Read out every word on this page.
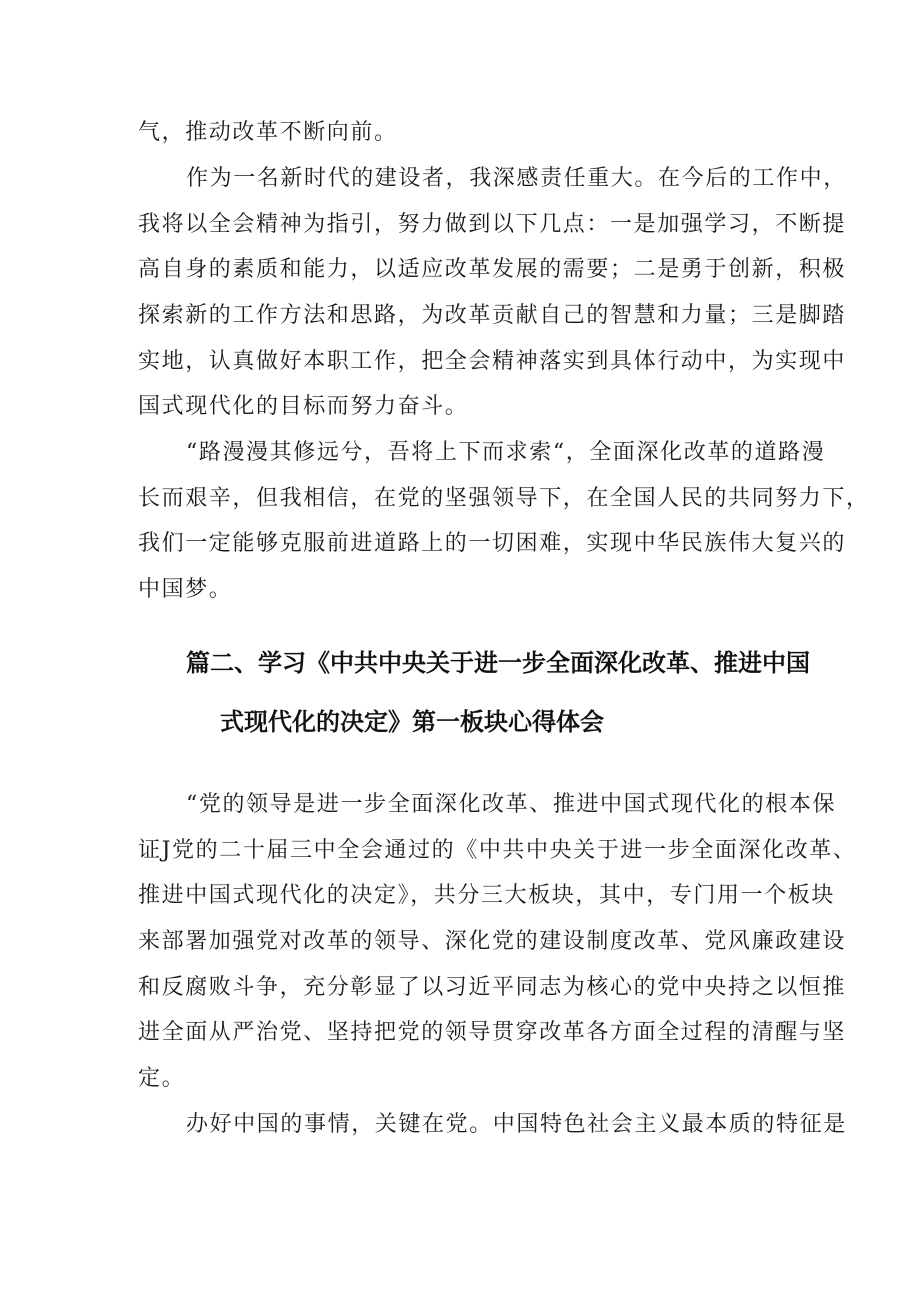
气，推动改革不断向前。
作为一名新时代的建设者，我深感责任重大。在今后的工作中，
我将以全会精神为指引，努力做到以下几点：一是加强学习，不断提
高自身的素质和能力，以适应改革发展的需要；二是勇于创新，积极
探索新的工作方法和思路，为改革贡献自己的智慧和力量；三是脚踏
实地，认真做好本职工作，把全会精神落实到具体行动中，为实现中
国式现代化的目标而努力奋斗。
“路漫漫其修远兮，吾将上下而求索“，全面深化改革的道路漫
长而艰辛，但我相信，在党的坚强领导下，在全国人民的共同努力下，
我们一定能够克服前进道路上的一切困难，实现中华民族伟大复兴的
中国梦。
篇二、学习《中共中央关于进一步全面深化改革、推进中国
式现代化的决定》第一板块心得体会
“党的领导是进一步全面深化改革、推进中国式现代化的根本保
证J党的二十届三中全会通过的《中共中央关于进一步全面深化改革、
推进中国式现代化的决定》，共分三大板块，其中，专门用一个板块
来部署加强党对改革的领导、深化党的建设制度改革、党风廉政建设
和反腐败斗争，充分彰显了以习近平同志为核心的党中央持之以恒推
进全面从严治党、坚持把党的领导贯穿改革各方面全过程的清醒与坚
定。
办好中国的事情，关键在党。中国特色社会主义最本质的特征是
